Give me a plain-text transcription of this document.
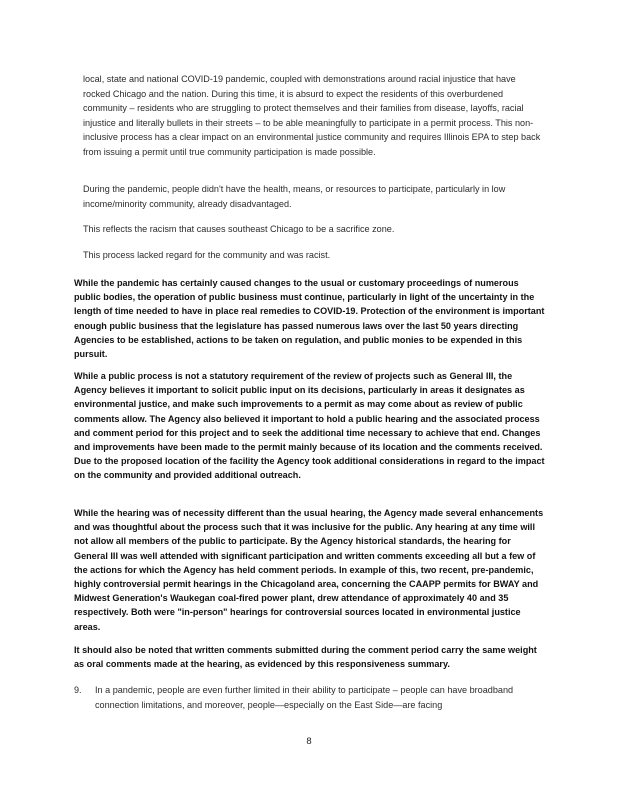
local, state and national COVID-19 pandemic, coupled with demonstrations around racial injustice that have rocked Chicago and the nation. During this time, it is absurd to expect the residents of this overburdened community – residents who are struggling to protect themselves and their families from disease, layoffs, racial injustice and literally bullets in their streets – to be able meaningfully to participate in a permit process. This non-inclusive process has a clear impact on an environmental justice community and requires Illinois EPA to step back from issuing a permit until true community participation is made possible.

During the pandemic, people didn't have the health, means, or resources to participate, particularly in low income/minority community, already disadvantaged.

This reflects the racism that causes southeast Chicago to be a sacrifice zone.

This process lacked regard for the community and was racist.

While the pandemic has certainly caused changes to the usual or customary proceedings of numerous public bodies, the operation of public business must continue, particularly in light of the uncertainty in the length of time needed to have in place real remedies to COVID-19. Protection of the environment is important enough public business that the legislature has passed numerous laws over the last 50 years directing Agencies to be established, actions to be taken on regulation, and public monies to be expended in this pursuit.

While a public process is not a statutory requirement of the review of projects such as General III, the Agency believes it important to solicit public input on its decisions, particularly in areas it designates as environmental justice, and make such improvements to a permit as may come about as review of public comments allow. The Agency also believed it important to hold a public hearing and the associated process and comment period for this project and to seek the additional time necessary to achieve that end. Changes and improvements have been made to the permit mainly because of its location and the comments received. Due to the proposed location of the facility the Agency took additional considerations in regard to the impact on the community and provided additional outreach.

While the hearing was of necessity different than the usual hearing, the Agency made several enhancements and was thoughtful about the process such that it was inclusive for the public. Any hearing at any time will not allow all members of the public to participate. By the Agency historical standards, the hearing for General III was well attended with significant participation and written comments exceeding all but a few of the actions for which the Agency has held comment periods. In example of this, two recent, pre-pandemic, highly controversial permit hearings in the Chicagoland area, concerning the CAAPP permits for BWAY and Midwest Generation's Waukegan coal-fired power plant, drew attendance of approximately 40 and 35 respectively. Both were "in-person" hearings for controversial sources located in environmental justice areas.

It should also be noted that written comments submitted during the comment period carry the same weight as oral comments made at the hearing, as evidenced by this responsiveness summary.

9. In a pandemic, people are even further limited in their ability to participate – people can have broadband connection limitations, and moreover, people—especially on the East Side—are facing

8
